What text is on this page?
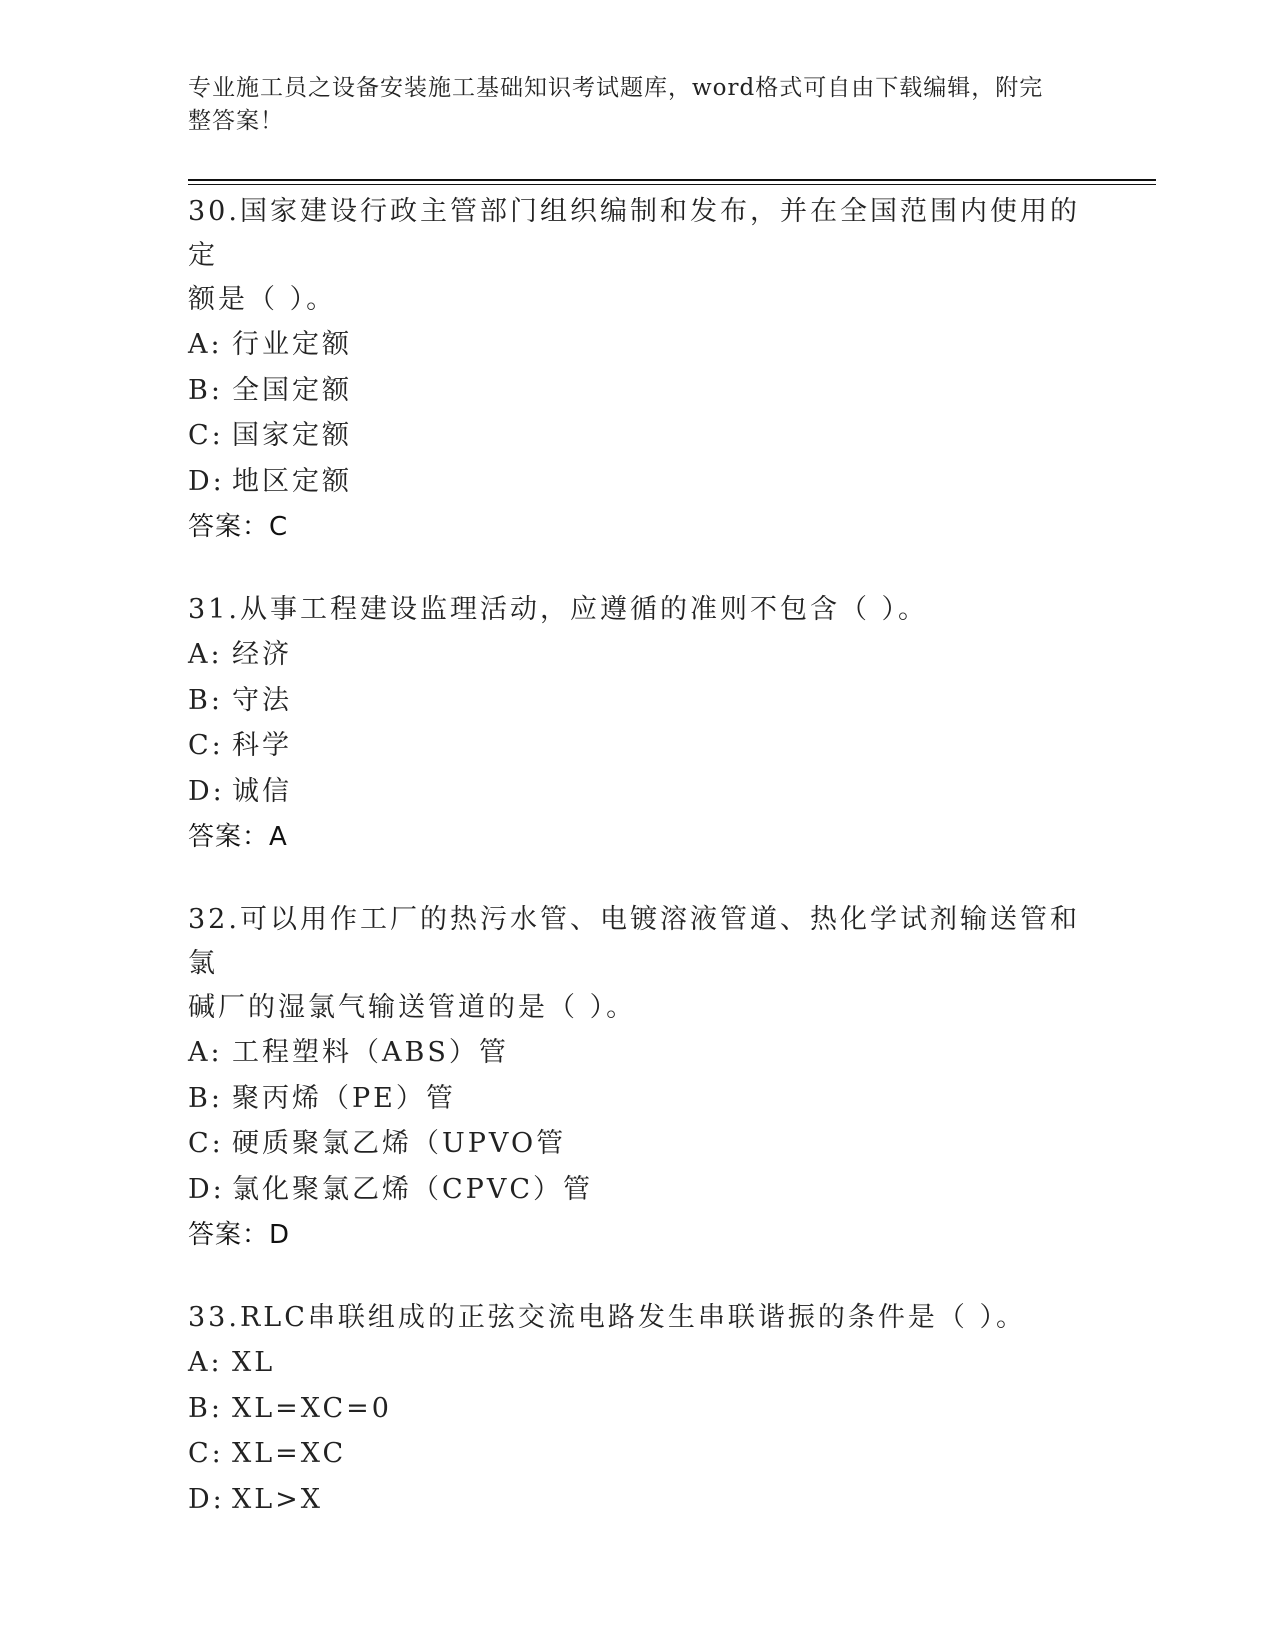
专业施工员之设备安装施工基础知识考试题库，word格式可自由下载编辑，附完
整答案！
30.国家建设行政主管部门组织编制和发布，并在全国范围内使用的定
额是（ ）。
A: 行业定额
B: 全国定额
C: 国家定额
D: 地区定额
答案：C
31.从事工程建设监理活动，应遵循的准则不包含（ ）。
A: 经济
B: 守法
C: 科学
D: 诚信
答案：A
32.可以用作工厂的热污水管、电镀溶液管道、热化学试剂输送管和氯
碱厂的湿氯气输送管道的是（ ）。
A: 工程塑料（ABS）管
B: 聚丙烯（PE）管
C: 硬质聚氯乙烯（UPVO管
D: 氯化聚氯乙烯（CPVC）管
答案：D
33.RLC串联组成的正弦交流电路发生串联谐振的条件是（ ）。
A: XL
B: XL=XC=0
C: XL=XC
D: XL>X
